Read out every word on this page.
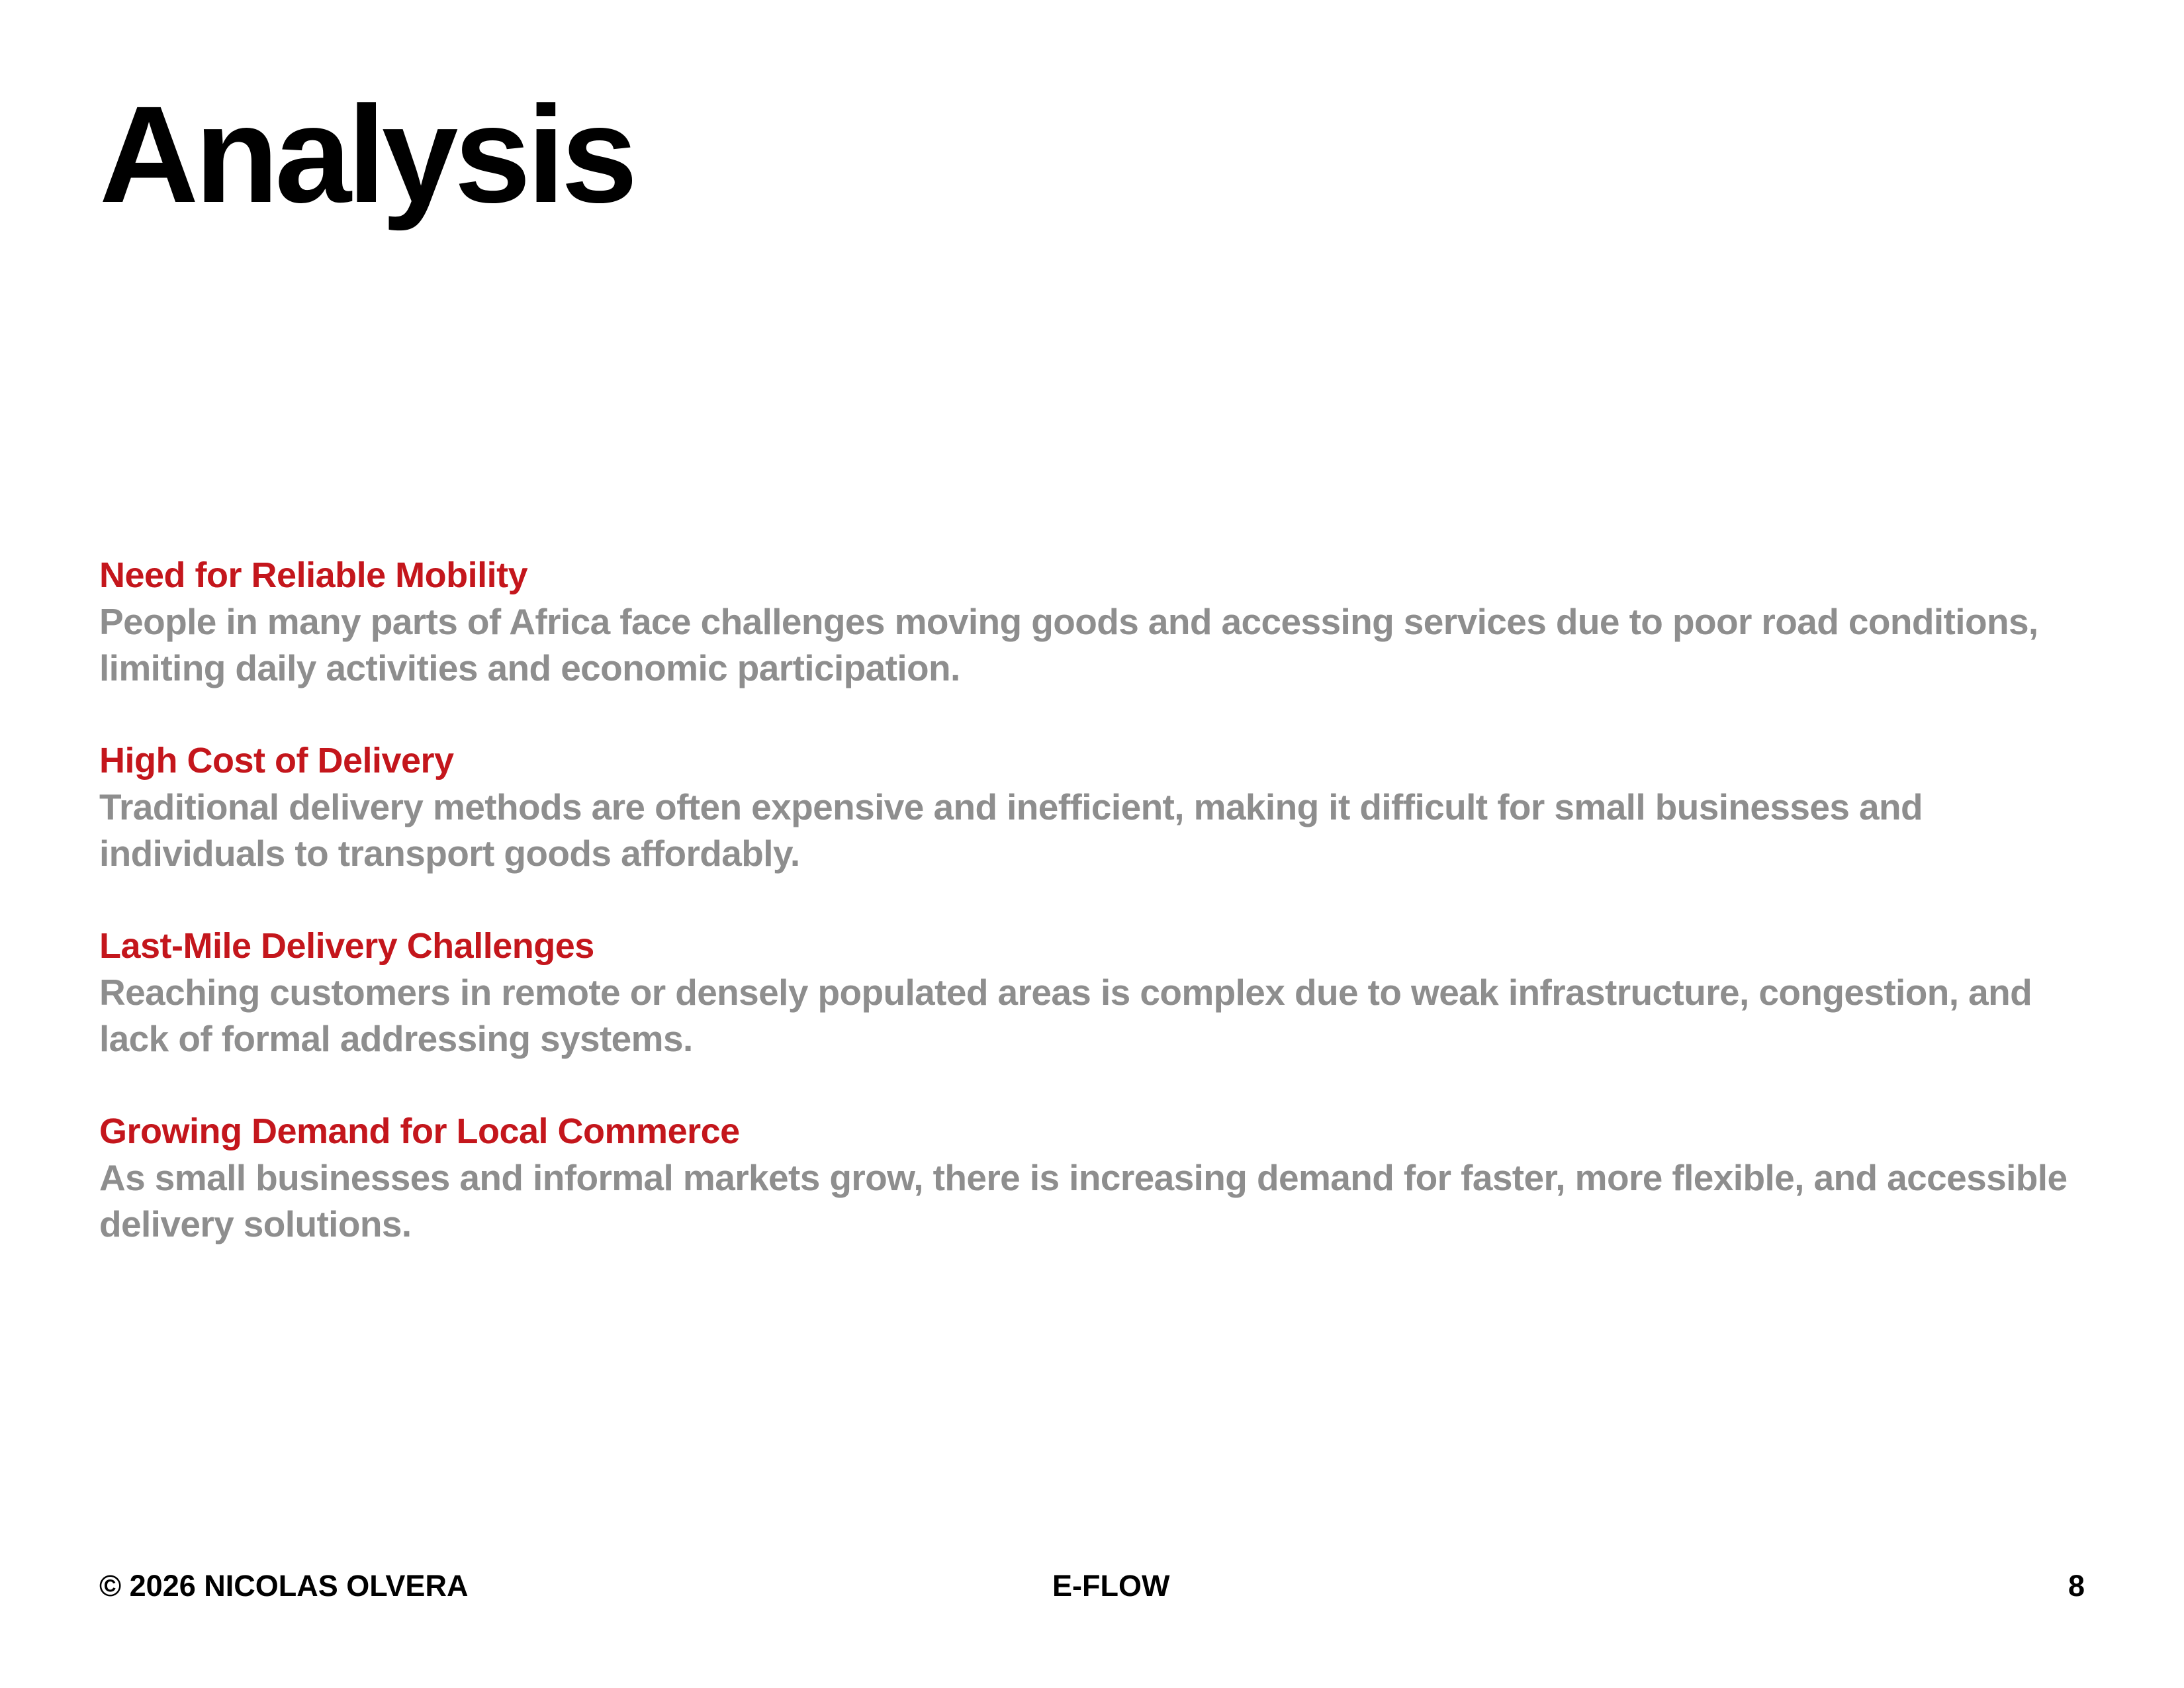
Analysis

Need for Reliable Mobility

People in many parts of Africa face challenges moving goods and accessing services due to poor road conditions, limiting daily activities and economic participation.

High Cost of Delivery

Traditional delivery methods are often expensive and inefficient, making it difficult for small businesses and individuals to transport goods affordably.

Last-Mile Delivery Challenges

Reaching customers in remote or densely populated areas is complex due to weak infrastructure, congestion, and lack of formal addressing systems.

Growing Demand for Local Commerce

As small businesses and informal markets grow, there is increasing demand for faster, more flexible, and accessible delivery solutions.

© 2026 NICOLAS OLVERA	E-FLOW	8
